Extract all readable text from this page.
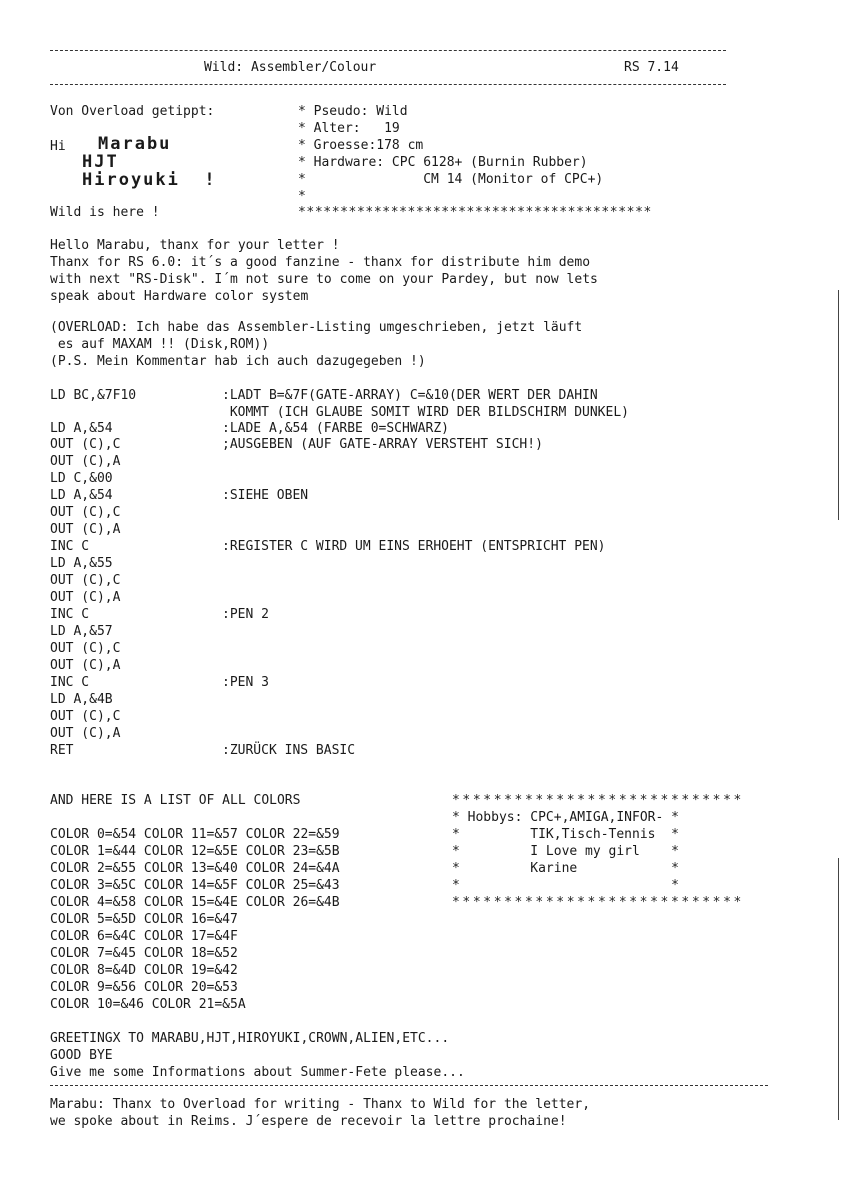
Wild: Assembler/Colour	RS 7.14
Von Overload getippt:
Hi Marabu
HJT
Hiroyuki  !
Wild is here !
* Pseudo: Wild
* Alter:   19
* Groesse:178 cm
* Hardware: CPC 6128+ (Burnin Rubber)
*               CM 14 (Monitor of CPC+)
*
******************************************
Hello Marabu, thanx for your letter !
Thanx for RS 6.0: it´s a good fanzine - thanx for distribute him demo
with next "RS-Disk". I´m not sure to come on your Pardey, but now lets
speak about Hardware color system
(OVERLOAD: Ich habe das Assembler-Listing umgeschrieben, jetzt läuft
es auf MAXAM !! (Disk,ROM))
(P.S. Mein Kommentar hab ich auch dazugegeben !)
LD BC,&7F10	:LADT B=&7F(GATE-ARRAY) C=&10(DER WERT DER DAHIN
KOMMT (ICH GLAUBE SOMIT WIRD DER BILDSCHIRM DUNKEL)
LD A,&54	:LADE A,&54 (FARBE 0=SCHWARZ)
OUT (C),C	;AUSGEBEN (AUF GATE-ARRAY VERSTEHT SICH!)
OUT (C),A
LD C,&00
LD A,&54	:SIEHE OBEN
OUT (C),C
OUT (C),A
INC C	:REGISTER C WIRD UM EINS ERHOEHT (ENTSPRICHT PEN)
LD A,&55
OUT (C),C
OUT (C),A
INC C	:PEN 2
LD A,&57
OUT (C),C
OUT (C),A
INC C	:PEN 3
LD A,&4B
OUT (C),C
OUT (C),A
RET	:ZURÜCK INS BASIC
AND HERE IS A LIST OF ALL COLORS
COLOR 0=&54 COLOR 11=&57 COLOR 22=&59
COLOR 1=&44 COLOR 12=&5E COLOR 23=&5B
COLOR 2=&55 COLOR 13=&40 COLOR 24=&4A
COLOR 3=&5C COLOR 14=&5F COLOR 25=&43
COLOR 4=&58 COLOR 15=&4E COLOR 26=&4B
COLOR 5=&5D COLOR 16=&47
COLOR 6=&4C COLOR 17=&4F
COLOR 7=&45 COLOR 18=&52
COLOR 8=&4D COLOR 19=&42
COLOR 9=&56 COLOR 20=&53
COLOR 10=&46 COLOR 21=&5A
****************************
* Hobbys: CPC+,AMIGA,INFOR- *
*         TIK,Tisch-Tennis  *
*         I Love my girl    *
*         Karine            *
*                           *
****************************
GREETINGX TO MARABU,HJT,HIROYUKI,CROWN,ALIEN,ETC...
GOOD BYE
Give me some Informations about Summer-Fete please...
Marabu: Thanx to Overload for writing - Thanx to Wild for the letter,
we spoke about in Reims. J´espere de recevoir la lettre prochaine!
